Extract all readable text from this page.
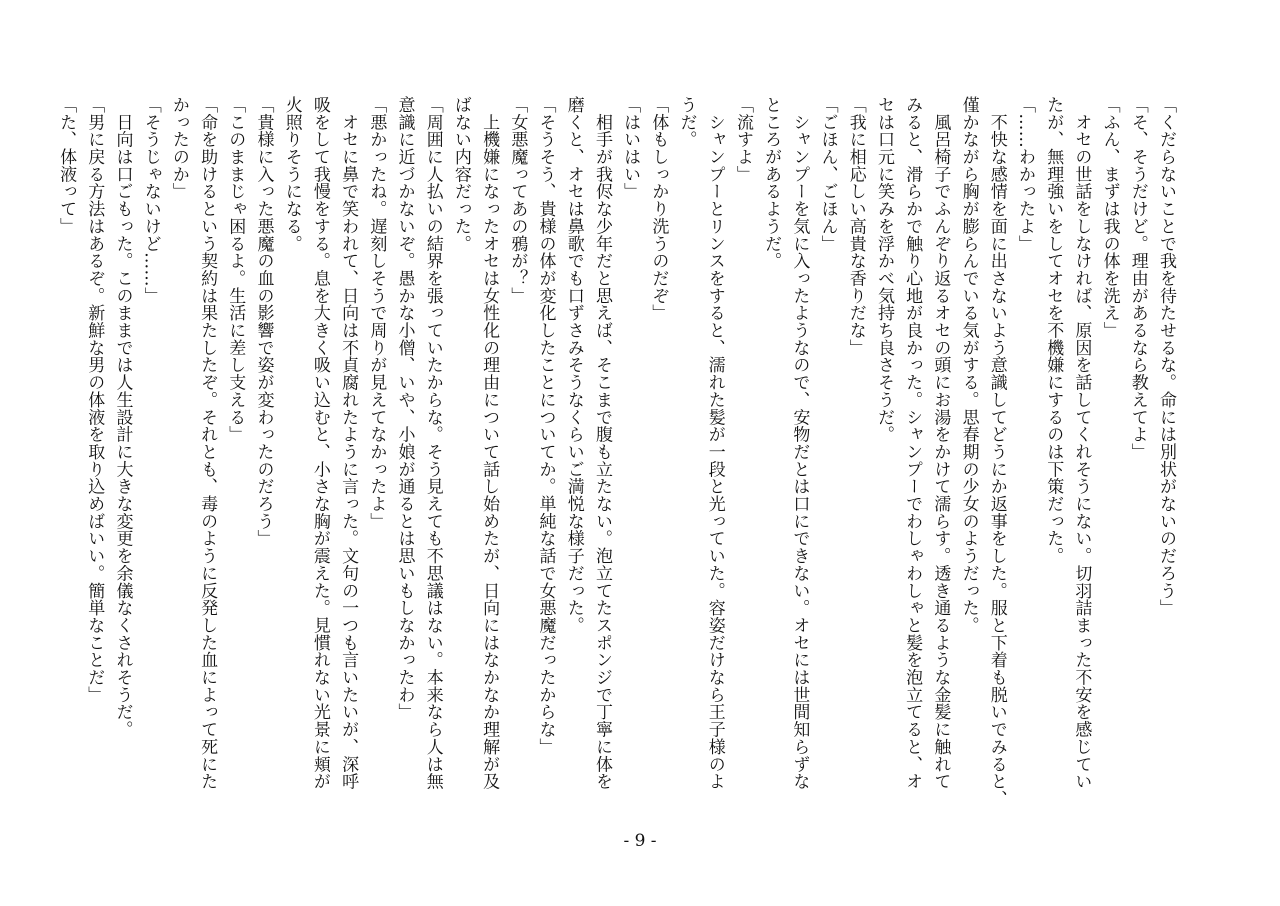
「くだらないことで我を待たせるな。命には別状がないのだろう」

「そ、そうだけど。理由があるなら教えてよ」

「ふん、まずは我の体を洗え」

　オセの世話をしなければ、原因を話してくれそうにない。切羽詰まった不安を感じてい

たが、無理強いをしてオセを不機嫌にするのは下策だった。

「……わかったよ」

　不快な感情を面に出さないよう意識してどうにか返事をした。服と下着も脱いでみると、

僅かながら胸が膨らんでいる気がする。思春期の少女のようだった。

　風呂椅子でふんぞり返るオセの頭にお湯をかけて濡らす。透き通るような金髪に触れて

みると、滑らかで触り心地が良かった。シャンプーでわしゃわしゃと髪を泡立てると、オ

セは口元に笑みを浮かべ気持ち良さそうだ。

「我に相応しい高貴な香りだな」

「ごほん、ごほん」

　シャンプーを気に入ったようなので、安物だとは口にできない。オセには世間知らずな

ところがあるようだ。

「流すよ」

　シャンプーとリンスをすると、濡れた髪が一段と光っていた。容姿だけなら王子様のよ

うだ。

「体もしっかり洗うのだぞ」

「はいはい」

　相手が我侭な少年だと思えば、そこまで腹も立たない。泡立てたスポンジで丁寧に体を

磨くと、オセは鼻歌でも口ずさみそうなくらいご満悦な様子だった。

「そうそう、貴様の体が変化したことについてか。単純な話で女悪魔だったからな」

「女悪魔ってあの鴉が？」

　上機嫌になったオセは女性化の理由について話し始めたが、日向にはなかなか理解が及

ばない内容だった。

「周囲に人払いの結界を張っていたからな。そう見えても不思議はない。本来なら人は無

意識に近づかないぞ。愚かな小僧、いや、小娘が通るとは思いもしなかったわ」

「悪かったね。遅刻しそうで周りが見えてなかったよ」

　オセに鼻で笑われて、日向は不貞腐れたように言った。文句の一つも言いたいが、深呼

吸をして我慢をする。息を大きく吸い込むと、小さな胸が震えた。見慣れない光景に頬が

火照りそうになる。

「貴様に入った悪魔の血の影響で姿が変わったのだろう」

「このままじゃ困るよ。生活に差し支える」

「命を助けるという契約は果たしたぞ。それとも、毒のように反発した血によって死にた

かったのか」

「そうじゃないけど……」

　日向は口ごもった。このままでは人生設計に大きな変更を余儀なくされそうだ。

「男に戻る方法はあるぞ。新鮮な男の体液を取り込めばいい。簡単なことだ」

「た、体液って」

- 9 -
